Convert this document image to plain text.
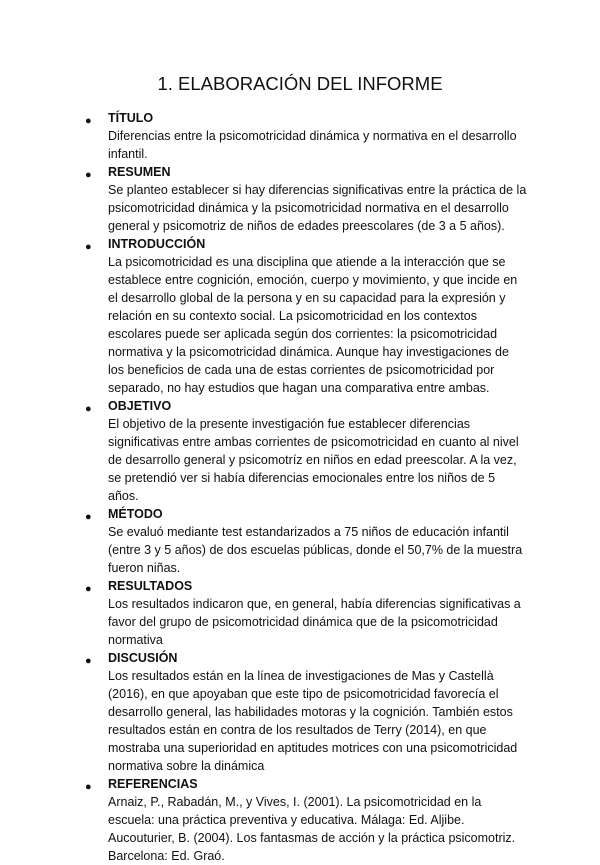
1. ELABORACIÓN DEL INFORME
● TÍTULO

Diferencias entre la psicomotricidad dinámica y normativa en el desarrollo infantil.

● RESUMEN

Se planteo establecer si hay diferencias significativas entre la práctica de la psicomotricidad dinámica y la psicomotricidad normativa en el desarrollo general y psicomotriz de niños de edades preescolares (de 3 a 5 años).

● INTRODUCCIÓN

La psicomotricidad es una disciplina que atiende a la interacción que se establece entre cognición, emoción, cuerpo y movimiento, y que incide en el desarrollo global de la persona y en su capacidad para la expresión y relación en su contexto social. La psicomotricidad en los contextos escolares puede ser aplicada según dos corrientes: la psicomotricidad normativa y la psicomotricidad dinámica. Aunque hay investigaciones de los beneficios de cada una de estas corrientes de psicomotricidad por separado, no hay estudios que hagan una comparativa entre ambas.

● OBJETIVO

El objetivo de la presente investigación fue establecer diferencias significativas entre ambas corrientes de psicomotricidad en cuanto al nivel de desarrollo general y psicomotríz en niños en edad preescolar. A la vez, se pretendió ver si había diferencias emocionales entre los niños de 5 años.

● MÉTODO

Se evaluó mediante test estandarizados a 75 niños de educación infantil (entre 3 y 5 años) de dos escuelas públicas, donde el 50,7% de la muestra fueron niñas.

● RESULTADOS

Los resultados indicaron que, en general, había diferencias significativas a favor del grupo de psicomotricidad dinámica que de la psicomotricidad normativa

● DISCUSIÓN

Los resultados están en la línea de investigaciones de Mas y Castellà (2016), en que apoyaban que este tipo de psicomotricidad favorecía el desarrollo general, las habilidades motoras y la cognición. También estos resultados están en contra de los resultados de Terry (2014), en que mostraba una superioridad en aptitudes motrices con una psicomotricidad normativa sobre la dinámica

● REFERENCIAS

Arnaiz, P., Rabadán, M., y Vives, I. (2001). La psicomotricidad en la escuela: una práctica preventiva y educativa. Málaga: Ed. Aljibe. Aucouturier, B. (2004). Los fantasmas de acción y la práctica psicomotriz. Barcelona: Ed. Graó.
